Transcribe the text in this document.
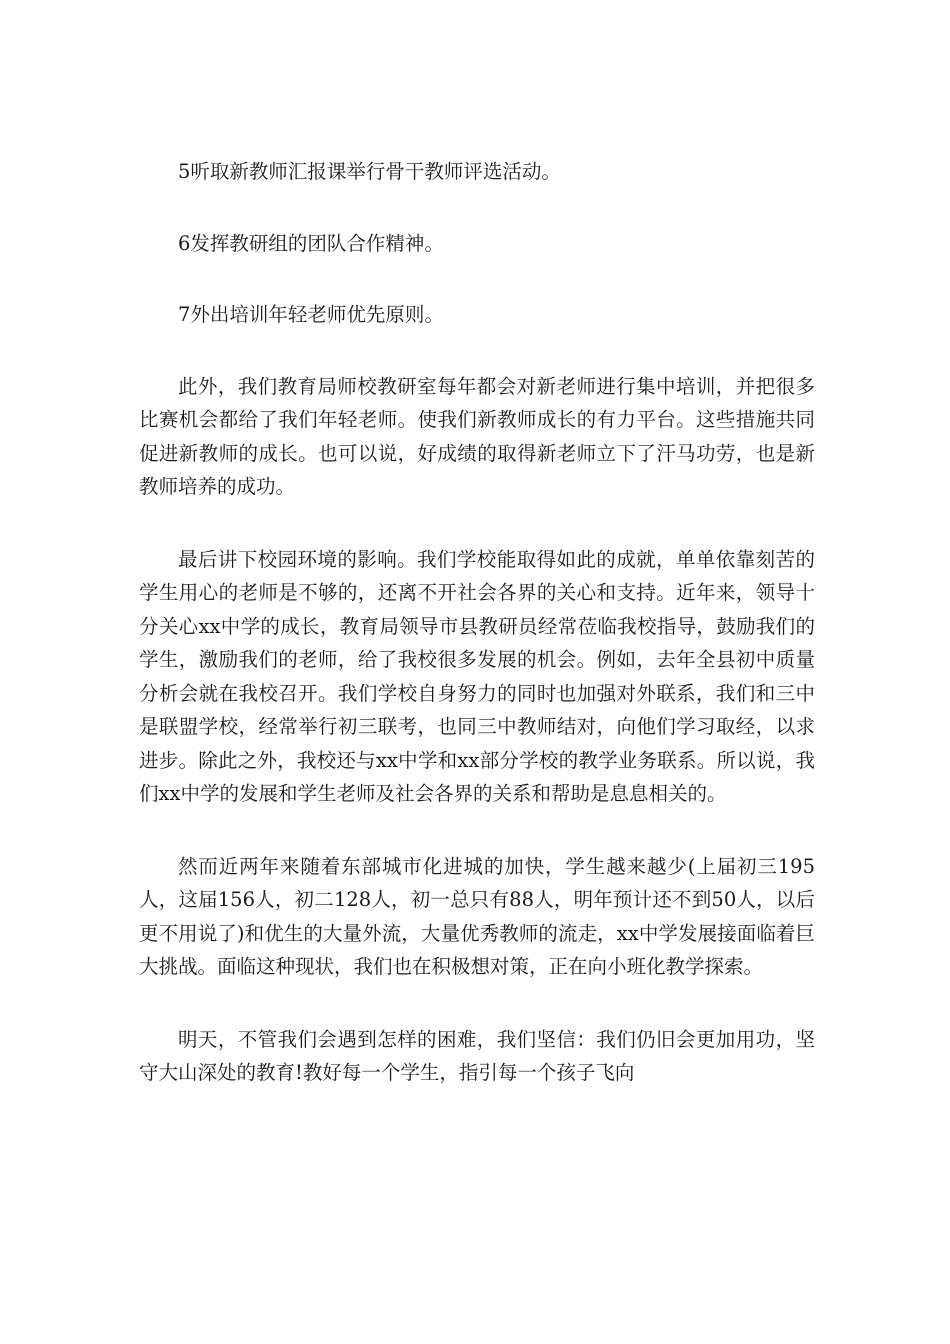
5听取新教师汇报课举行骨干教师评选活动。

6发挥教研组的团队合作精神。

7外出培训年轻老师优先原则。

此外，我们教育局师校教研室每年都会对新老师进行集中培训，并把很多比赛机会都给了我们年轻老师。使我们新教师成长的有力平台。这些措施共同促进新教师的成长。也可以说，好成绩的取得新老师立下了汗马功劳，也是新教师培养的成功。

最后讲下校园环境的影响。我们学校能取得如此的成就，单单依靠刻苦的学生用心的老师是不够的，还离不开社会各界的关心和支持。近年来，领导十分关心xx中学的成长，教育局领导市县教研员经常莅临我校指导，鼓励我们的学生，激励我们的老师，给了我校很多发展的机会。例如，去年全县初中质量分析会就在我校召开。我们学校自身努力的同时也加强对外联系，我们和三中是联盟学校，经常举行初三联考，也同三中教师结对，向他们学习取经，以求进步。除此之外，我校还与xx中学和xx部分学校的教学业务联系。所以说，我们xx中学的发展和学生老师及社会各界的关系和帮助是息息相关的。

然而近两年来随着东部城市化进城的加快，学生越来越少(上届初三195人，这届156人，初二128人，初一总只有88人，明年预计还不到50人，以后更不用说了)和优生的大量外流，大量优秀教师的流走，xx中学发展接面临着巨大挑战。面临这种现状，我们也在积极想对策，正在向小班化教学探索。

明天，不管我们会遇到怎样的困难，我们坚信：我们仍旧会更加用功，坚守大山深处的教育!教好每一个学生，指引每一个孩子飞向
